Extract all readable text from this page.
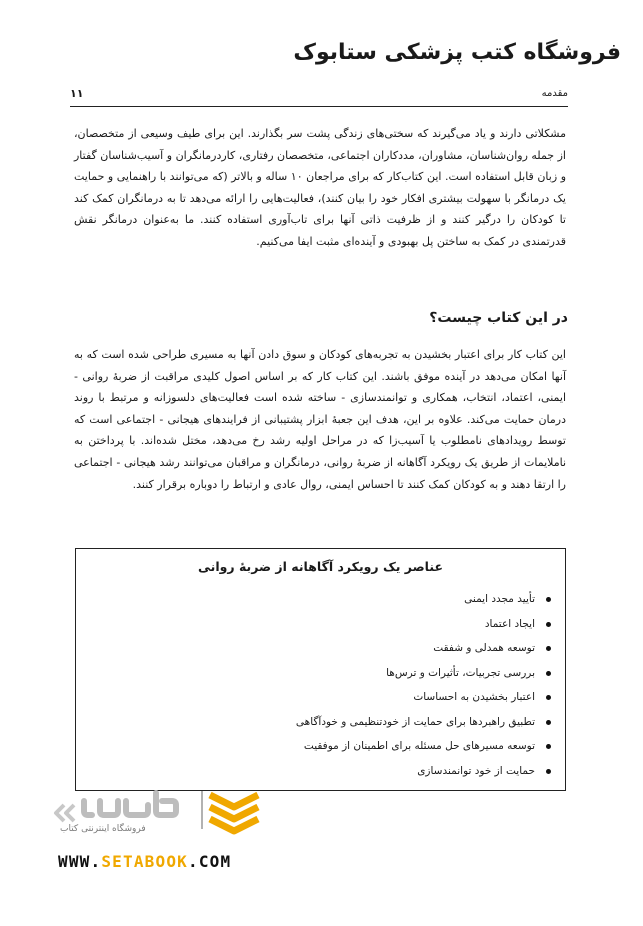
فروشگاه کتب پزشکی ستابوک
مقدمه
۱۱

مشکلاتی دارند و یاد می‌گیرند که سختی‌های زندگی پشت سر بگذارند. این برای طیف وسیعی از متخصصان، از جمله روان‌شناسان، مشاوران، مددکاران اجتماعی، متخصصان رفتاری، کاردرمانگران و آسیب‌شناسان گفتار و زبان قابل استفاده است. این کتاب‌کار که برای مراجعان ۱۰ ساله و بالاتر (که می‌توانند با راهنمایی و حمایت یک درمانگر با سهولت بیشتری افکار خود را بیان کنند)، فعالیت‌هایی را ارائه می‌دهد تا به درمانگران کمک کند تا کودکان را درگیر کنند و از ظرفیت ذاتی آنها برای تاب‌آوری استفاده کنند. ما به‌عنوان درمانگر نقش قدرتمندی در کمک به ساختن پل بهبودی و آینده‌ای مثبت ایفا می‌کنیم.

در این کتاب چیست؟

این کتاب کار برای اعتبار بخشیدن به تجربه‌های کودکان و سوق دادن آنها به مسیری طراحی شده است که به آنها امکان می‌دهد در آینده موفق باشند. این کتاب کار که بر اساس اصول کلیدی مراقبت از ضربهٔ روانی - ایمنی، اعتماد، انتخاب، همکاری و توانمندسازی - ساخته شده است فعالیت‌های دلسوزانه و مرتبط با روند درمان حمایت می‌کند. علاوه بر این، هدف این جعبهٔ ابزار پشتیبانی از فرایندهای هیجانی - اجتماعی است که توسط رویدادهای نامطلوب یا آسیب‌زا که در مراحل اولیه رشد رخ می‌دهد، مختل شده‌اند. با پرداختن به ناملایمات از طریق یک رویکرد آگاهانه از ضربهٔ روانی، درمانگران و مراقبان می‌توانند رشد هیجانی - اجتماعی را ارتقا دهند و به کودکان کمک کنند تا احساس ایمنی، روال عادی و ارتباط را دوباره برقرار کنند.

عناصر یک رویکرد آگاهانه از ضربهٔ روانی
تأیید مجدد ایمنی
ایجاد اعتماد
توسعه همدلی و شفقت
بررسی تجربیات، تأثیرات و ترس‌ها
اعتبار بخشیدن به احساسات
تطبیق راهبردها برای حمایت از خودتنظیمی و خودآگاهی
توسعه مسیرهای حل مسئله برای اطمینان از موفقیت
حمایت از خود توانمندسازی
فروشگاه اینترنتی کتاب
WWW.SETABOOK.COM
